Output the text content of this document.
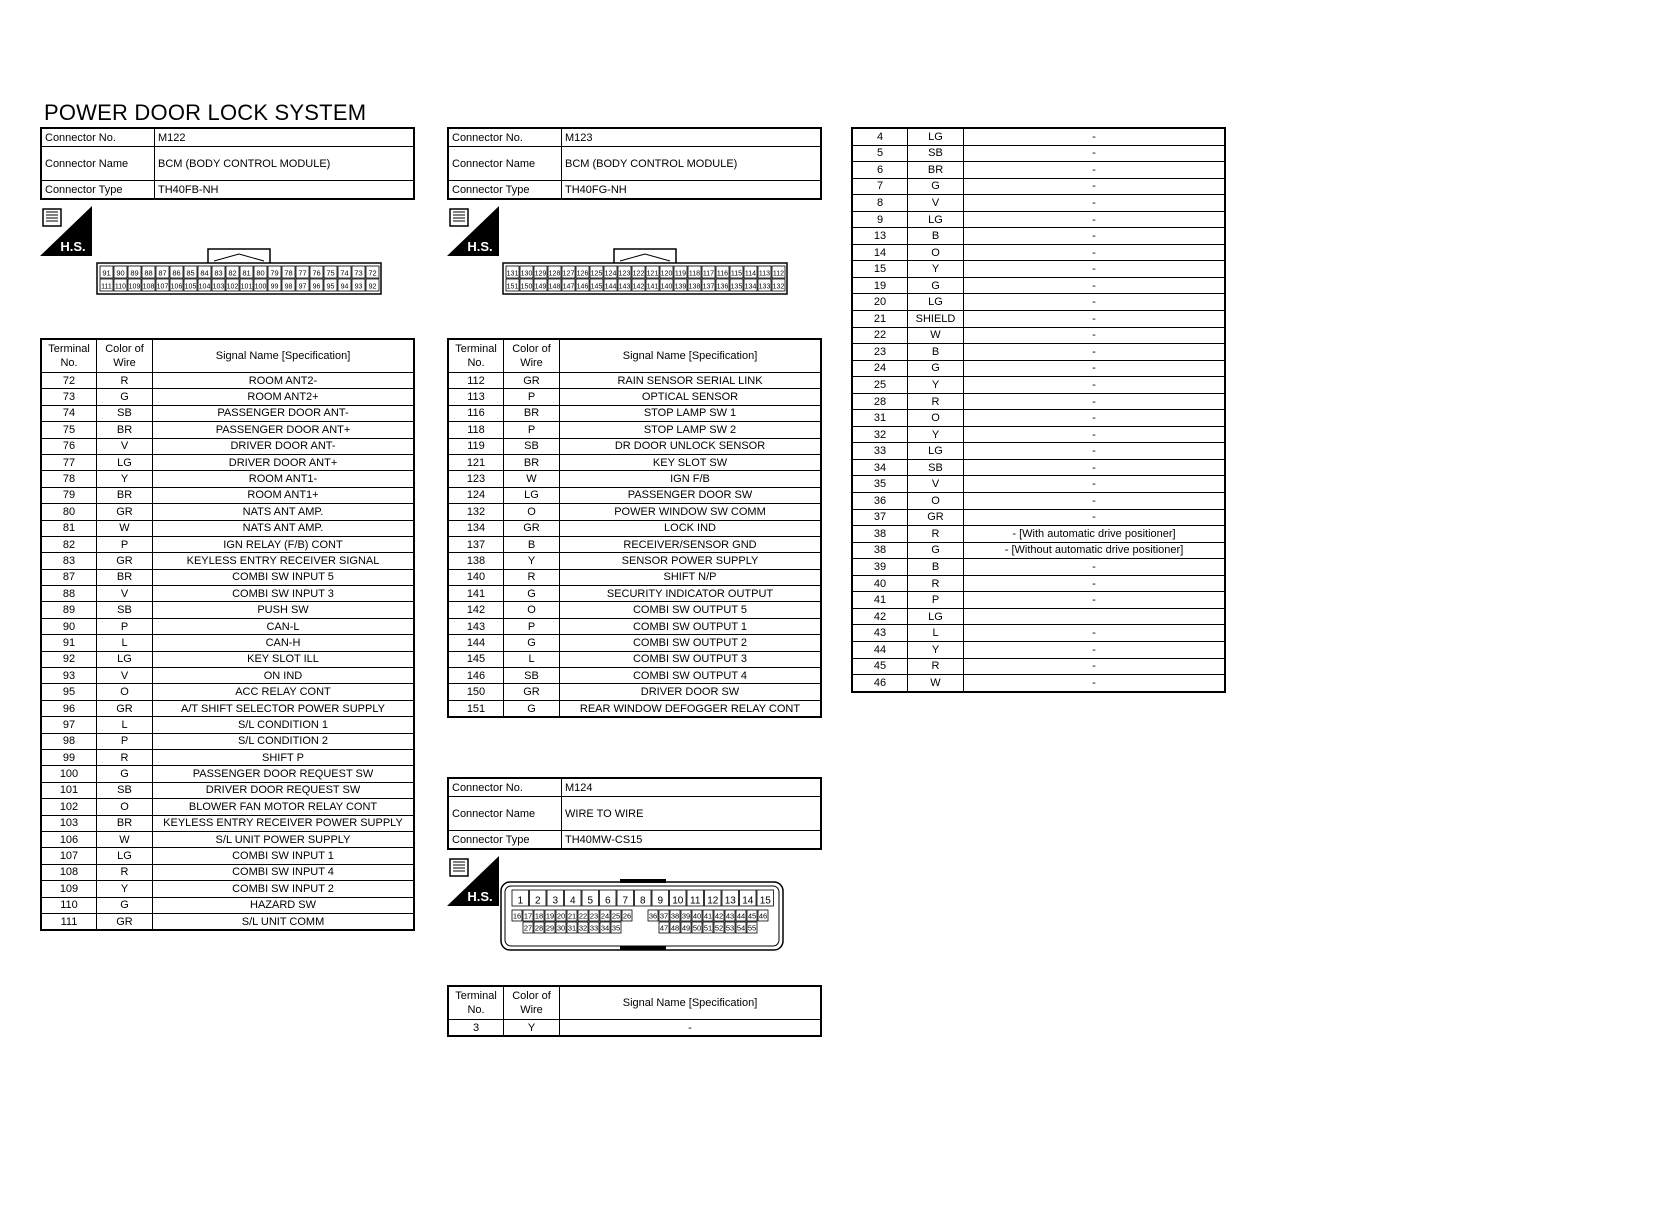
POWER DOOR LOCK SYSTEM
Connector No.	M122
Connector Name	BCM (BODY CONTROL MODULE)
Connector Type	TH40FB-NH
H.S.
91 90 89 88 87 86 85 84 83 82 81 80 79 78 77 76 75 74 73 72
111 110 109 108 107 106 105 104 103 102 101 100 99 98 97 96 95 94 93 92
Terminal No.	Color of Wire	Signal Name [Specification]
72	R	ROOM ANT2-
73	G	ROOM ANT2+
74	SB	PASSENGER DOOR ANT-
75	BR	PASSENGER DOOR ANT+
76	V	DRIVER DOOR ANT-
77	LG	DRIVER DOOR ANT+
78	Y	ROOM ANT1-
79	BR	ROOM ANT1+
80	GR	NATS ANT AMP.
81	W	NATS ANT AMP.
82	P	IGN RELAY (F/B) CONT
83	GR	KEYLESS ENTRY RECEIVER SIGNAL
87	BR	COMBI SW INPUT 5
88	V	COMBI SW INPUT 3
89	SB	PUSH SW
90	P	CAN-L
91	L	CAN-H
92	LG	KEY SLOT ILL
93	V	ON IND
95	O	ACC RELAY CONT
96	GR	A/T SHIFT SELECTOR POWER SUPPLY
97	L	S/L CONDITION 1
98	P	S/L CONDITION 2
99	R	SHIFT P
100	G	PASSENGER DOOR REQUEST SW
101	SB	DRIVER DOOR REQUEST SW
102	O	BLOWER FAN MOTOR RELAY CONT
103	BR	KEYLESS ENTRY RECEIVER POWER SUPPLY
106	W	S/L UNIT POWER SUPPLY
107	LG	COMBI SW INPUT 1
108	R	COMBI SW INPUT 4
109	Y	COMBI SW INPUT 2
110	G	HAZARD SW
111	GR	S/L UNIT COMM
Connector No.	M123
Connector Name	BCM (BODY CONTROL MODULE)
Connector Type	TH40FG-NH
H.S.
131 130 129 128 127 126 125 124 123 122 121 120 119 118 117 116 115 114 113 112
151 150 149 148 147 146 145 144 143 142 141 140 139 138 137 136 135 134 133 132
Terminal No.	Color of Wire	Signal Name [Specification]
112	GR	RAIN SENSOR SERIAL LINK
113	P	OPTICAL SENSOR
116	BR	STOP LAMP SW 1
118	P	STOP LAMP SW 2
119	SB	DR DOOR UNLOCK SENSOR
121	BR	KEY SLOT SW
123	W	IGN F/B
124	LG	PASSENGER DOOR SW
132	O	POWER WINDOW SW COMM
134	GR	LOCK IND
137	B	RECEIVER/SENSOR GND
138	Y	SENSOR POWER SUPPLY
140	R	SHIFT N/P
141	G	SECURITY INDICATOR OUTPUT
142	O	COMBI SW OUTPUT 5
143	P	COMBI SW OUTPUT 1
144	G	COMBI SW OUTPUT 2
145	L	COMBI SW OUTPUT 3
146	SB	COMBI SW OUTPUT 4
150	GR	DRIVER DOOR SW
151	G	REAR WINDOW DEFOGGER RELAY CONT
Connector No.	M124
Connector Name	WIRE TO WIRE
Connector Type	TH40MW-CS15
H.S. 1 2 3 4 5 6 7 8 9 10 11 12 13 14 15
16 17 18 19 20 21 22 23 24 25 26 36 37 38 39 40 41 42 43 44 45 46
27 28 29 30 31 32 33 34 35	47 48 49 50 51 52 53 54 55
Terminal No.	Color of Wire	Signal Name [Specification]
3	Y	-
4	LG	-
5	SB	-
6	BR	-
7	G	-
8	V	-
9	LG	-
13	B	-
14	O	-
15	Y	-
19	G	-
20	LG	-
21	SHIELD	-
22	W	-
23	B	-
24	G	-
25	Y	-
28	R	-
31	O	-
32	Y	-
33	LG	-
34	SB	-
35	V	-
36	O	-
37	GR	-
38	R	- [With automatic drive positioner]
38	G	- [Without automatic drive positioner]
39	B	-
40	R	-
41	P	-
42	LG	
43	L	-
44	Y	-
45	R	-
46	W	-
